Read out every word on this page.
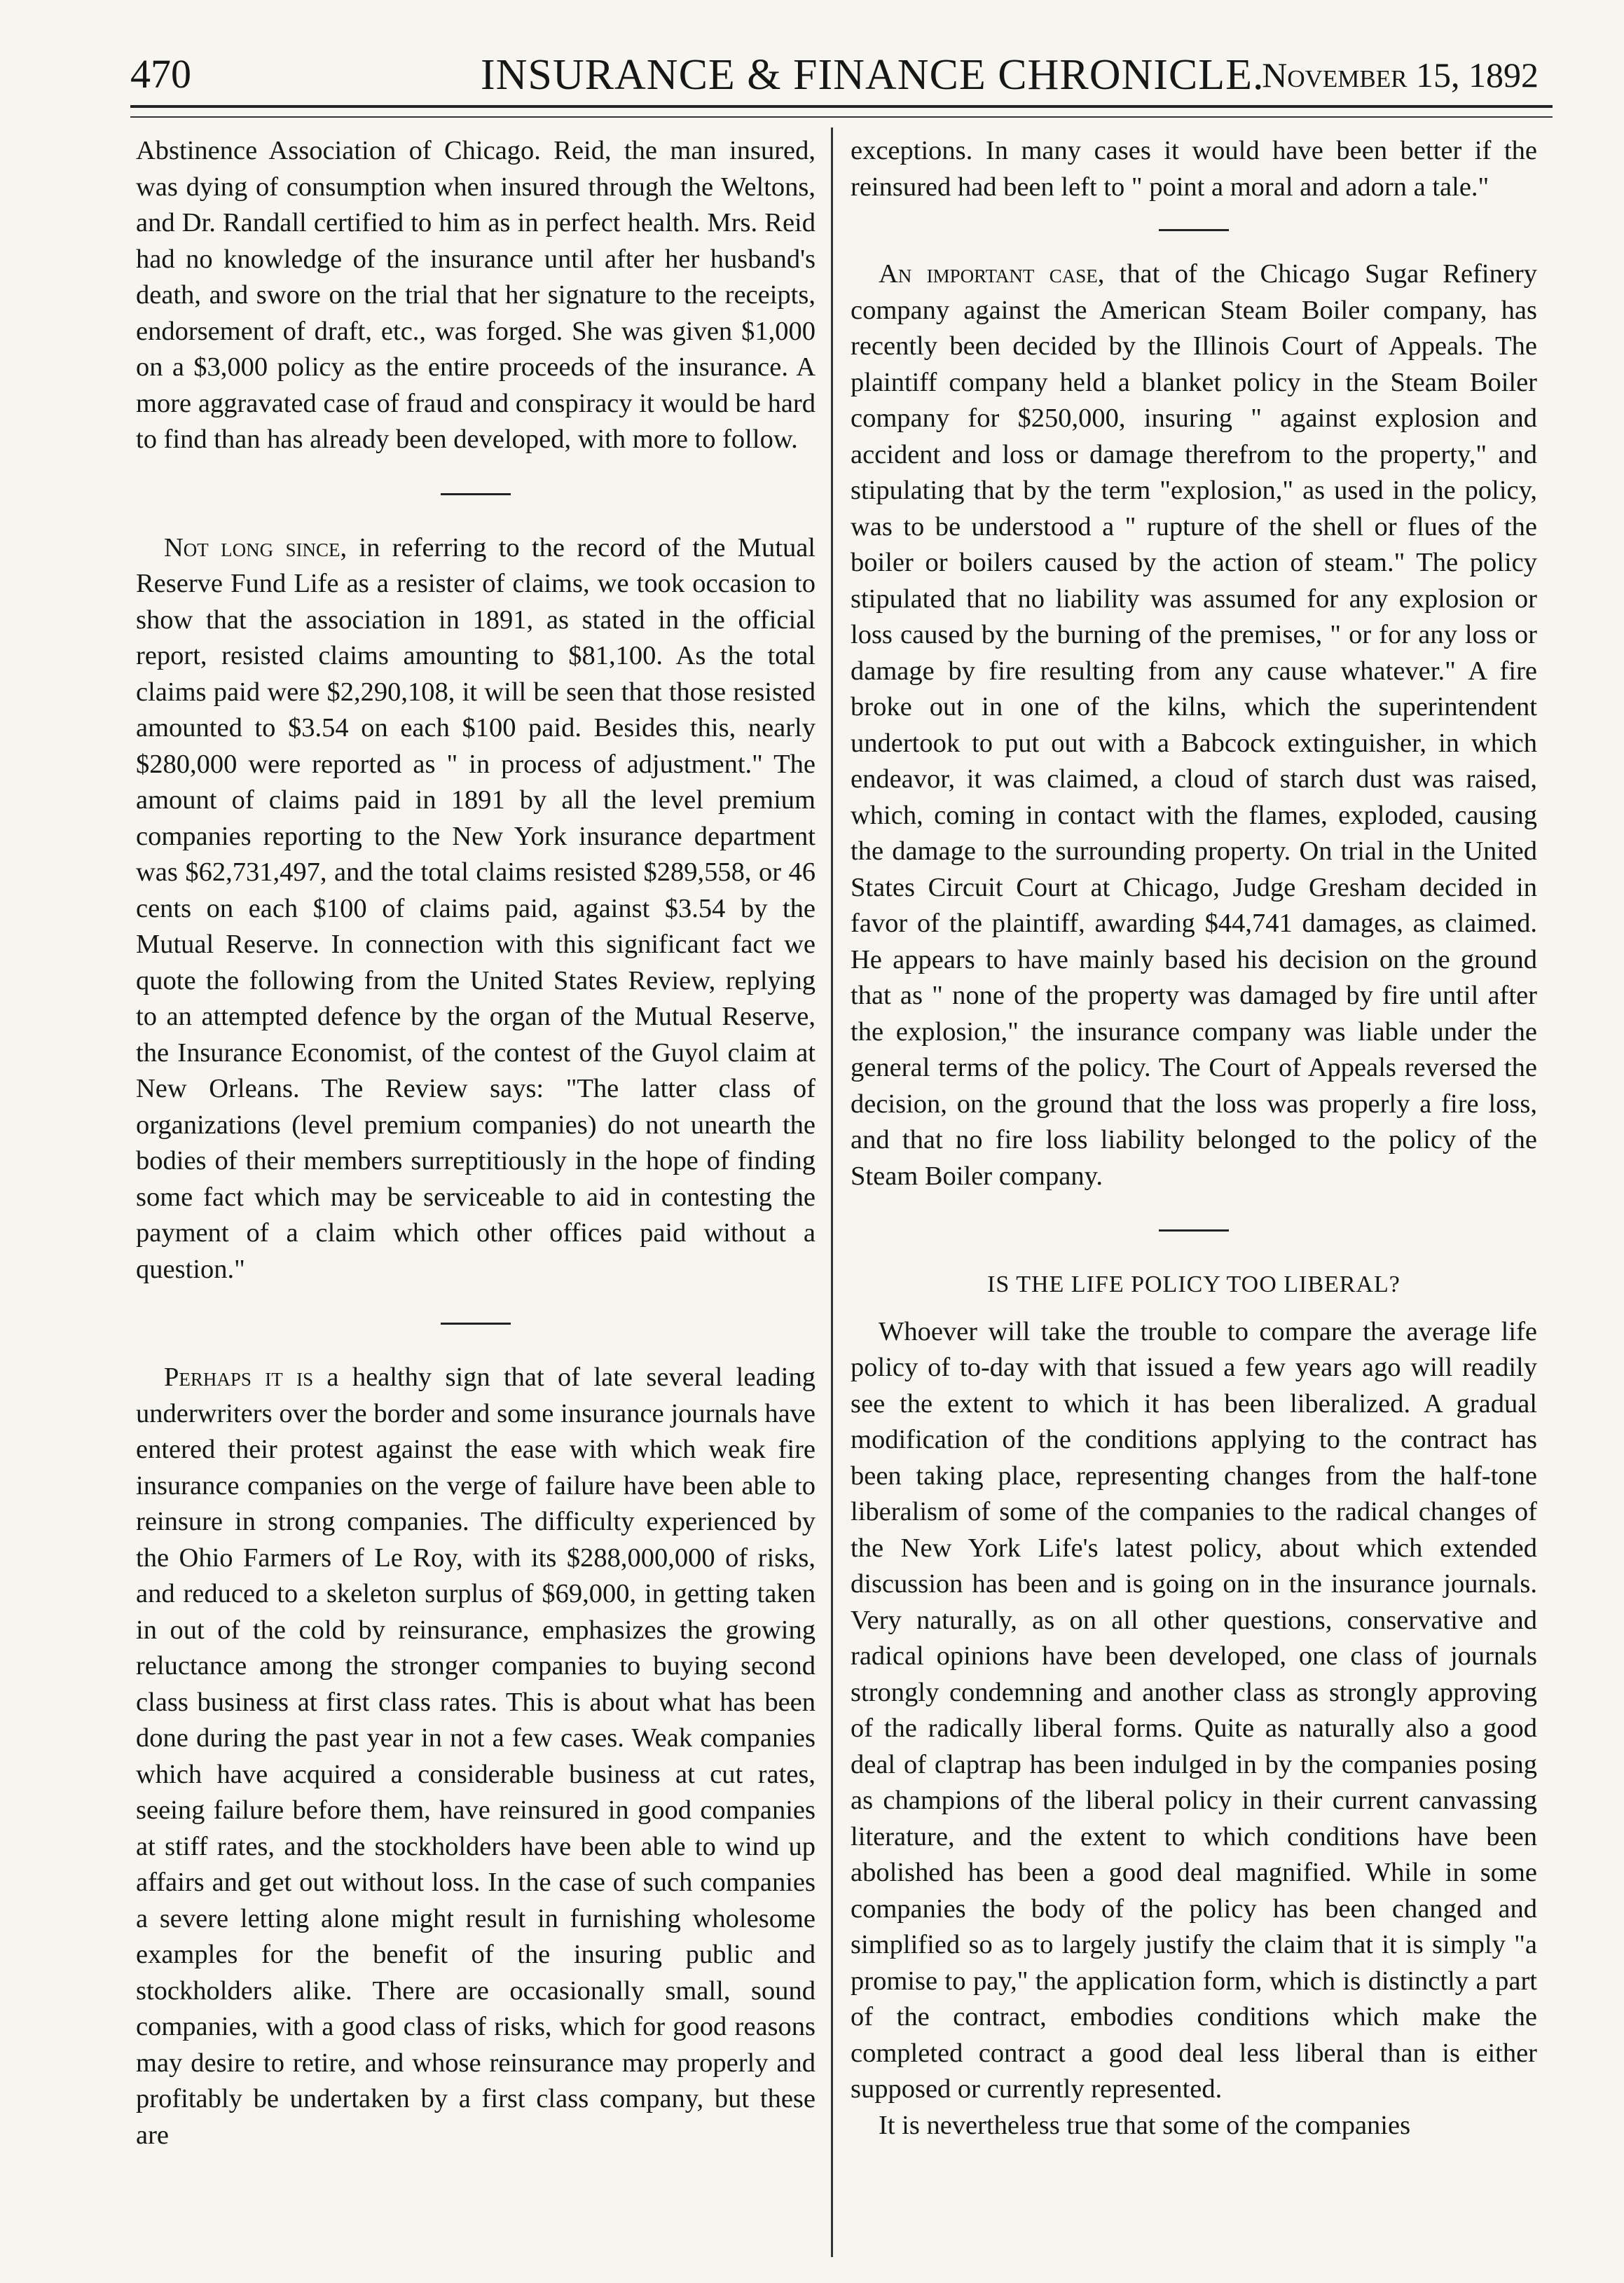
470	INSURANCE & FINANCE CHRONICLE.
November 15, 1892

Abstinence Association of Chicago. Reid, the man insured, was dying of consumption when insured through the Weltons, and Dr. Randall certified to him as in perfect health. Mrs. Reid had no knowledge of the insurance until after her husband's death, and swore on the trial that her signature to the receipts, endorsement of draft, etc., was forged. She was given $1,000 on a $3,000 policy as the entire proceeds of the insurance. A more aggravated case of fraud and conspiracy it would be hard to find than has already been developed, with more to follow.

Not long since, in referring to the record of the Mutual Reserve Fund Life as a resister of claims, we took occasion to show that the association in 1891, as stated in the official report, resisted claims amounting to $81,100. As the total claims paid were $2,290,108, it will be seen that those resisted amounted to $3.54 on each $100 paid. Besides this, nearly $280,000 were reported as " in process of adjustment." The amount of claims paid in 1891 by all the level premium companies reporting to the New York insurance department was $62,731,497, and the total claims resisted $289,558, or 46 cents on each $100 of claims paid, against $3.54 by the Mutual Reserve. In connection with this significant fact we quote the following from the United States Review, replying to an attempted defence by the organ of the Mutual Reserve, the Insurance Economist, of the contest of the Guyol claim at New Orleans. The Review says: "The latter class of organizations (level premium companies) do not unearth the bodies of their members surreptitiously in the hope of finding some fact which may be serviceable to aid in contesting the payment of a claim which other offices paid without a question."

Perhaps it is a healthy sign that of late several leading underwriters over the border and some insurance journals have entered their protest against the ease with which weak fire insurance companies on the verge of failure have been able to reinsure in strong companies. The difficulty experienced by the Ohio Farmers of Le Roy, with its $288,000,000 of risks, and reduced to a skeleton surplus of $69,000, in getting taken in out of the cold by reinsurance, emphasizes the growing reluctance among the stronger companies to buying second class business at first class rates. This is about what has been done during the past year in not a few cases. Weak companies which have acquired a considerable business at cut rates, seeing failure before them, have reinsured in good companies at stiff rates, and the stockholders have been able to wind up affairs and get out without loss. In the case of such companies a severe letting alone might result in furnishing wholesome examples for the benefit of the insuring public and stockholders alike. There are occasionally small, sound companies, with a good class of risks, which for good reasons may desire to retire, and whose reinsurance may properly and profitably be undertaken by a first class company, but these are

exceptions. In many cases it would have been better if the reinsured had been left to " point a moral and adorn a tale."

An important case, that of the Chicago Sugar Refinery company against the American Steam Boiler company, has recently been decided by the Illinois Court of Appeals. The plaintiff company held a blanket policy in the Steam Boiler company for $250,000, insuring " against explosion and accident and loss or damage therefrom to the property," and stipulating that by the term "explosion," as used in the policy, was to be understood a " rupture of the shell or flues of the boiler or boilers caused by the action of steam." The policy stipulated that no liability was assumed for any explosion or loss caused by the burning of the premises, " or for any loss or damage by fire resulting from any cause whatever." A fire broke out in one of the kilns, which the superintendent undertook to put out with a Babcock extinguisher, in which endeavor, it was claimed, a cloud of starch dust was raised, which, coming in contact with the flames, exploded, causing the damage to the surrounding property. On trial in the United States Circuit Court at Chicago, Judge Gresham decided in favor of the plaintiff, awarding $44,741 damages, as claimed. He appears to have mainly based his decision on the ground that as " none of the property was damaged by fire until after the explosion," the insurance company was liable under the general terms of the policy. The Court of Appeals reversed the decision, on the ground that the loss was properly a fire loss, and that no fire loss liability belonged to the policy of the Steam Boiler company.

IS THE LIFE POLICY TOO LIBERAL?

Whoever will take the trouble to compare the average life policy of to-day with that issued a few years ago will readily see the extent to which it has been liberalized. A gradual modification of the conditions applying to the contract has been taking place, representing changes from the half-tone liberalism of some of the companies to the radical changes of the New York Life's latest policy, about which extended discussion has been and is going on in the insurance journals. Very naturally, as on all other questions, conservative and radical opinions have been developed, one class of journals strongly condemning and another class as strongly approving of the radically liberal forms. Quite as naturally also a good deal of claptrap has been indulged in by the companies posing as champions of the liberal policy in their current canvassing literature, and the extent to which conditions have been abolished has been a good deal magnified. While in some companies the body of the policy has been changed and simplified so as to largely justify the claim that it is simply "a promise to pay," the application form, which is distinctly a part of the contract, embodies conditions which make the completed contract a good deal less liberal than is either supposed or currently represented.

It is nevertheless true that some of the companies
